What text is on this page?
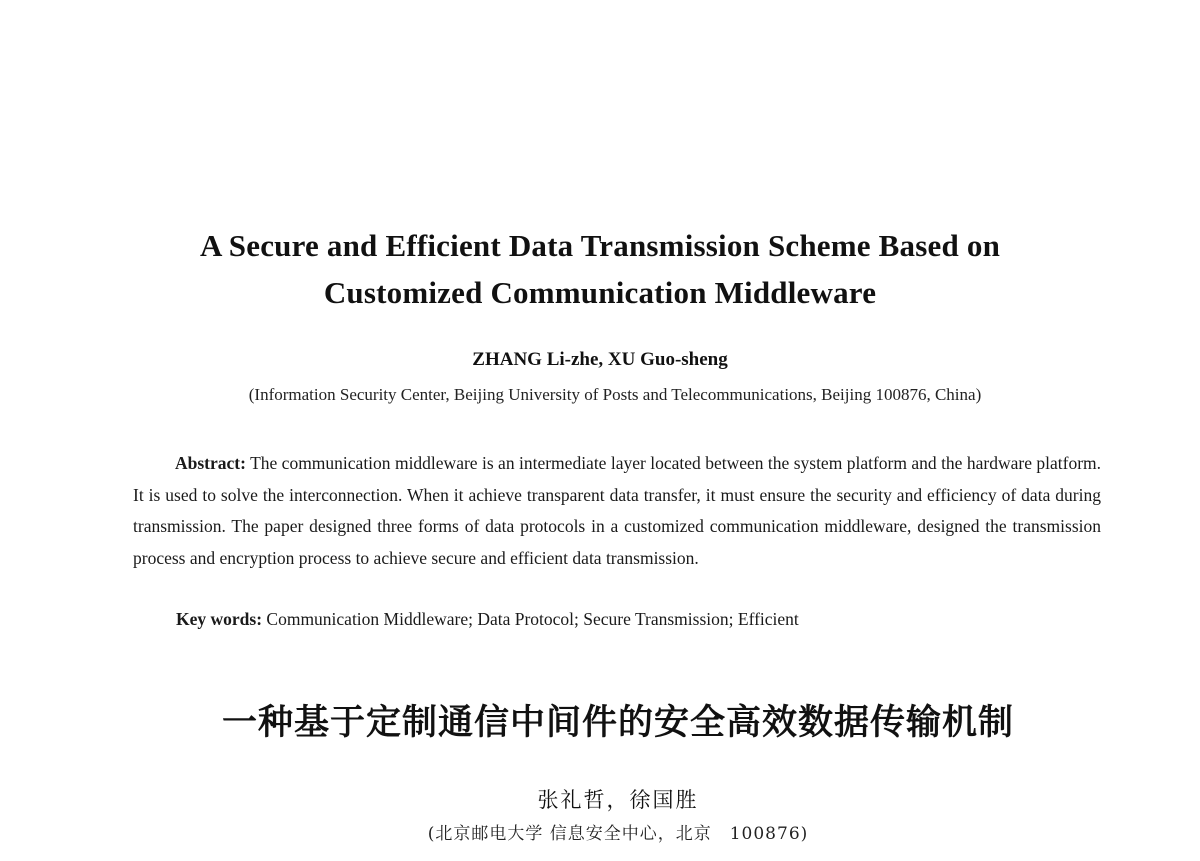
A Secure and Efficient Data Transmission Scheme Based on
Customized Communication Middleware
ZHANG Li-zhe, XU Guo-sheng
(Information Security Center, Beijing University of Posts and Telecommunications, Beijing 100876, China)
Abstract: The communication middleware is an intermediate layer located between the system platform and the hardware platform. It is used to solve the interconnection. When it achieve transparent data transfer, it must ensure the security and efficiency of data during transmission. The paper designed three forms of data protocols in a customized communication middleware, designed the transmission process and encryption process to achieve secure and efficient data transmission.
Key words: Communication Middleware; Data Protocol; Secure Transmission; Efficient
一种基于定制通信中间件的安全高效数据传输机制
张礼哲，徐国胜
(北京邮电大学 信息安全中心，北京　100876)
